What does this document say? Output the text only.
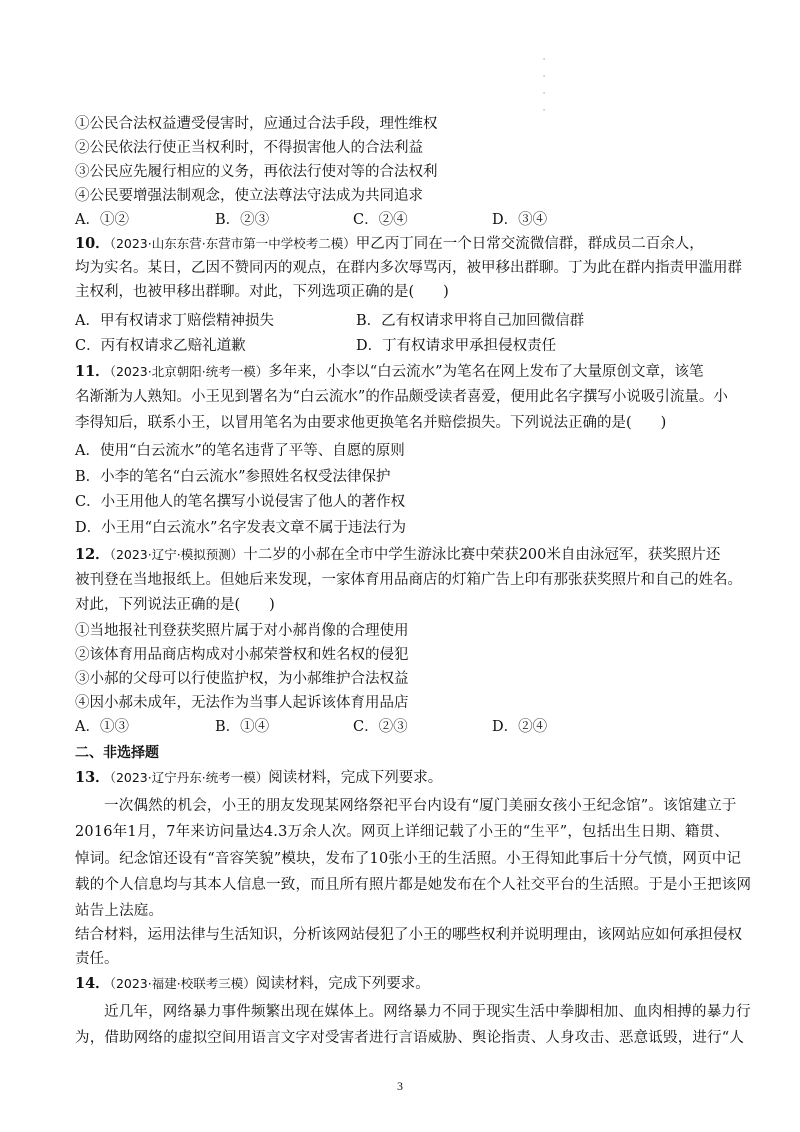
·
·
·
·
①公民合法权益遭受侵害时，应通过合法手段，理性维权
②公民依法行使正当权利时，不得损害他人的合法利益
③公民应先履行相应的义务，再依法行使对等的合法权利
④公民要增强法制观念，使立法尊法守法成为共同追求
A．①②	B．②③	C．②④	D．③④
10．（2023·山东东营·东营市第一中学校考二模）甲乙丙丁同在一个日常交流微信群，群成员二百余人，
均为实名。某日，乙因不赞同丙的观点，在群内多次辱骂丙，被甲移出群聊。丁为此在群内指责甲滥用群
主权利，也被甲移出群聊。对此，下列选项正确的是(　　)
A．甲有权请求丁赔偿精神损失	B．乙有权请求甲将自己加回微信群
C．丙有权请求乙赔礼道歉	D．丁有权请求甲承担侵权责任
11．（2023·北京朝阳·统考一模）多年来，小李以“白云流水”为笔名在网上发布了大量原创文章，该笔
名渐渐为人熟知。小王见到署名为“白云流水”的作品颇受读者喜爱，便用此名字撰写小说吸引流量。小
李得知后，联系小王，以冒用笔名为由要求他更换笔名并赔偿损失。下列说法正确的是(　　)
A．使用“白云流水”的笔名违背了平等、自愿的原则
B．小李的笔名“白云流水”参照姓名权受法律保护
C．小王用他人的笔名撰写小说侵害了他人的著作权
D．小王用“白云流水”名字发表文章不属于违法行为
12．（2023·辽宁·模拟预测）十二岁的小郝在全市中学生游泳比赛中荣获200米自由泳冠军，获奖照片还
被刊登在当地报纸上。但她后来发现，一家体育用品商店的灯箱广告上印有那张获奖照片和自己的姓名。
对此，下列说法正确的是(　　)
①当地报社刊登获奖照片属于对小郝肖像的合理使用
②该体育用品商店构成对小郝荣誉权和姓名权的侵犯
③小郝的父母可以行使监护权，为小郝维护合法权益
④因小郝未成年，无法作为当事人起诉该体育用品店
A．①③	B．①④	C．②③	D．②④
二、非选择题
13．（2023·辽宁丹东·统考一模）阅读材料，完成下列要求。
一次偶然的机会，小王的朋友发现某网络祭祀平台内设有“厦门美丽女孩小王纪念馆”。该馆建立于
2016年1月，7年来访问量达4.3万余人次。网页上详细记载了小王的“生平”，包括出生日期、籍贯、
悼词。纪念馆还设有“音容笑貌”模块，发布了10张小王的生活照。小王得知此事后十分气愤，网页中记
载的个人信息均与其本人信息一致，而且所有照片都是她发布在个人社交平台的生活照。于是小王把该网
站告上法庭。
结合材料，运用法律与生活知识，分析该网站侵犯了小王的哪些权利并说明理由，该网站应如何承担侵权
责任。
14．（2023·福建·校联考三模）阅读材料，完成下列要求。
近几年，网络暴力事件频繁出现在媒体上。网络暴力不同于现实生活中拳脚相加、血肉相搏的暴力行
为，借助网络的虚拟空间用语言文字对受害者进行言语威胁、舆论指责、人身攻击、恶意诋毁，进行“人
3
